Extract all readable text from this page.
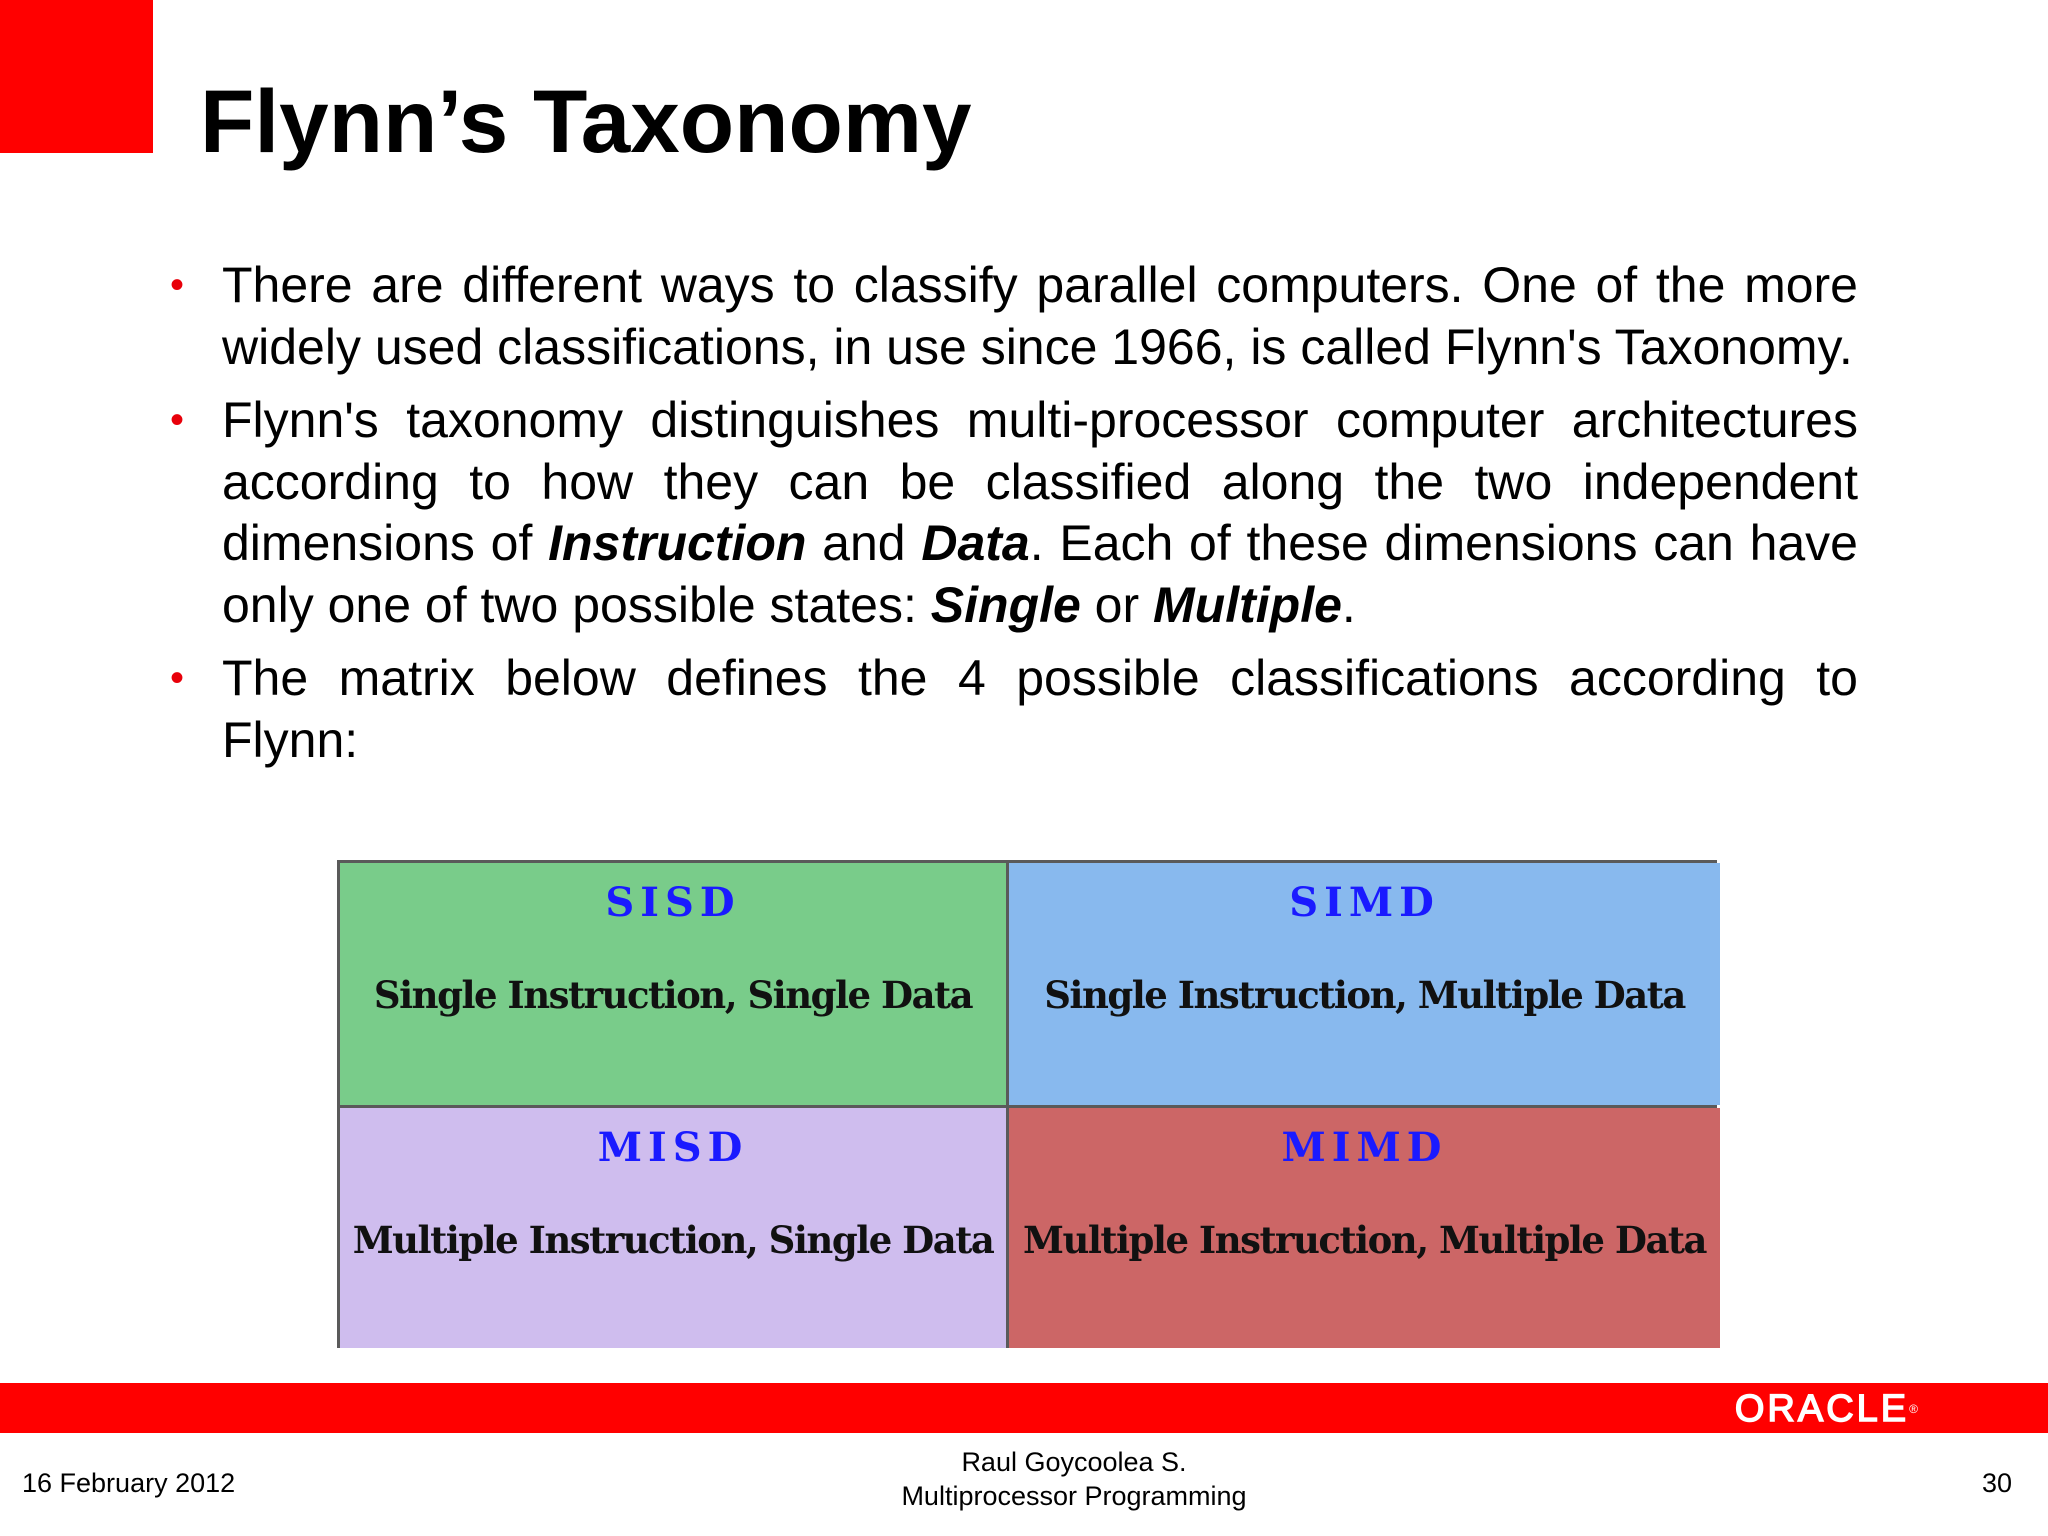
Flynn’s Taxonomy
• There are different ways to classify parallel computers. One of the more widely used classifications, in use since 1966, is called Flynn's Taxonomy.
• Flynn's taxonomy distinguishes multi-processor computer architectures according to how they can be classified along the two independent dimensions of Instruction and Data. Each of these dimensions can have only one of two possible states: Single or Multiple.
• The matrix below defines the 4 possible classifications according to Flynn:
SISD
Single Instruction, Single Data
SIMD
Single Instruction, Multiple Data
MISD
Multiple Instruction, Single Data
MIMD
Multiple Instruction, Multiple Data
ORACLE®
16 February 2012
Raul Goycoolea S.
Multiprocessor Programming	30
